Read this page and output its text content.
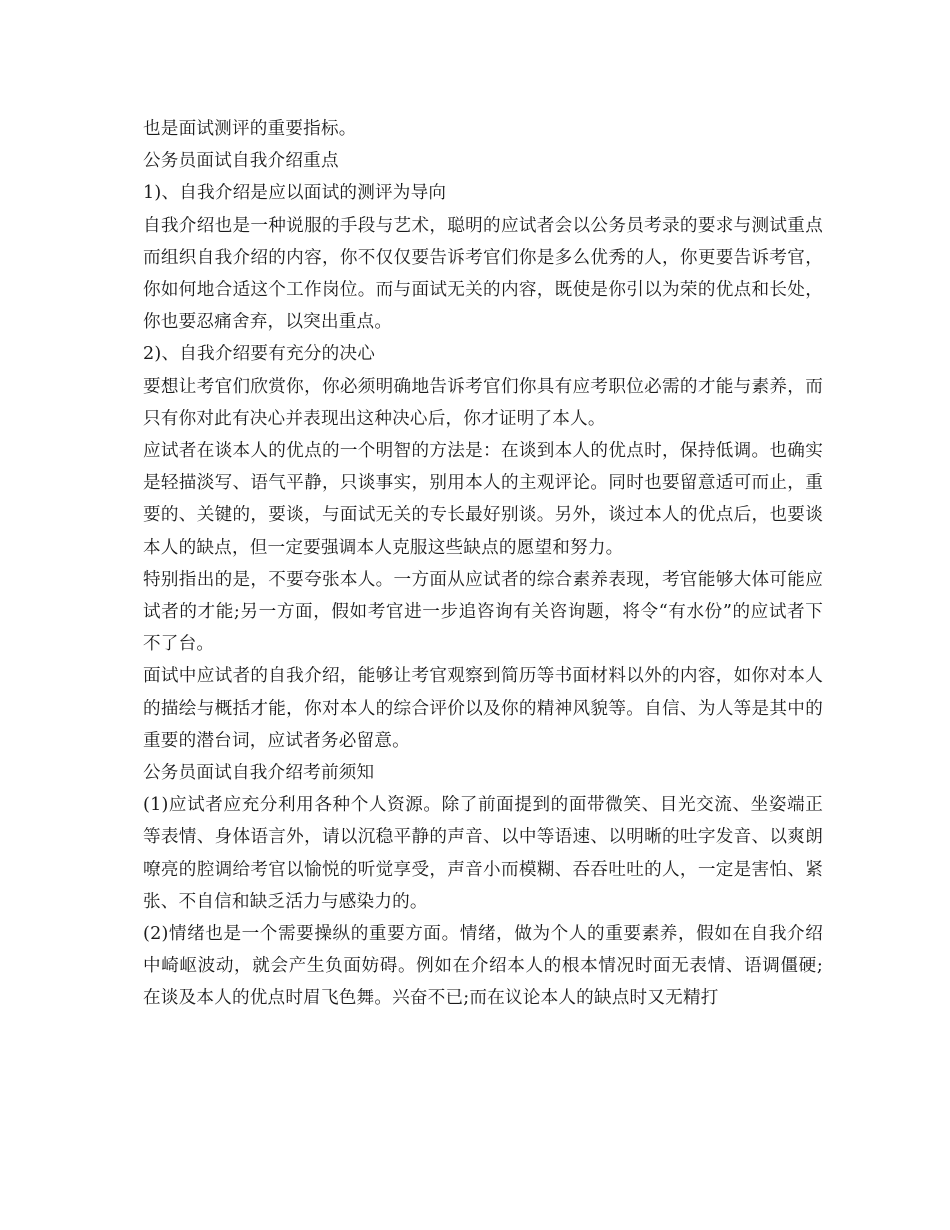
也是面试测评的重要指标。

公务员面试自我介绍重点

1)、自我介绍是应以面试的测评为导向

自我介绍也是一种说服的手段与艺术，聪明的应试者会以公务员考录的要求与测试重点而组织自我介绍的内容，你不仅仅要告诉考官们你是多么优秀的人，你更要告诉考官，你如何地合适这个工作岗位。而与面试无关的内容，既使是你引以为荣的优点和长处，你也要忍痛舍弃，以突出重点。

2)、自我介绍要有充分的决心

要想让考官们欣赏你，你必须明确地告诉考官们你具有应考职位必需的才能与素养，而只有你对此有决心并表现出这种决心后，你才证明了本人。

应试者在谈本人的优点的一个明智的方法是：在谈到本人的优点时，保持低调。也确实是轻描淡写、语气平静，只谈事实，别用本人的主观评论。同时也要留意适可而止，重要的、关键的，要谈，与面试无关的专长最好别谈。另外，谈过本人的优点后，也要谈本人的缺点，但一定要强调本人克服这些缺点的愿望和努力。

特别指出的是，不要夸张本人。一方面从应试者的综合素养表现，考官能够大体可能应试者的才能;另一方面，假如考官进一步追咨询有关咨询题，将令“有水份”的应试者下不了台。

面试中应试者的自我介绍，能够让考官观察到简历等书面材料以外的内容，如你对本人的描绘与概括才能，你对本人的综合评价以及你的精神风貌等。自信、为人等是其中的重要的潜台词，应试者务必留意。

公务员面试自我介绍考前须知

(1)应试者应充分利用各种个人资源。除了前面提到的面带微笑、目光交流、坐姿端正等表情、身体语言外，请以沉稳平静的声音、以中等语速、以明晰的吐字发音、以爽朗嘹亮的腔调给考官以愉悦的听觉享受，声音小而模糊、吞吞吐吐的人，一定是害怕、紧张、不自信和缺乏活力与感染力的。

(2)情绪也是一个需要操纵的重要方面。情绪，做为个人的重要素养，假如在自我介绍中崎岖波动，就会产生负面妨碍。例如在介绍本人的根本情况时面无表情、语调僵硬;在谈及本人的优点时眉飞色舞。兴奋不已;而在议论本人的缺点时又无精打
